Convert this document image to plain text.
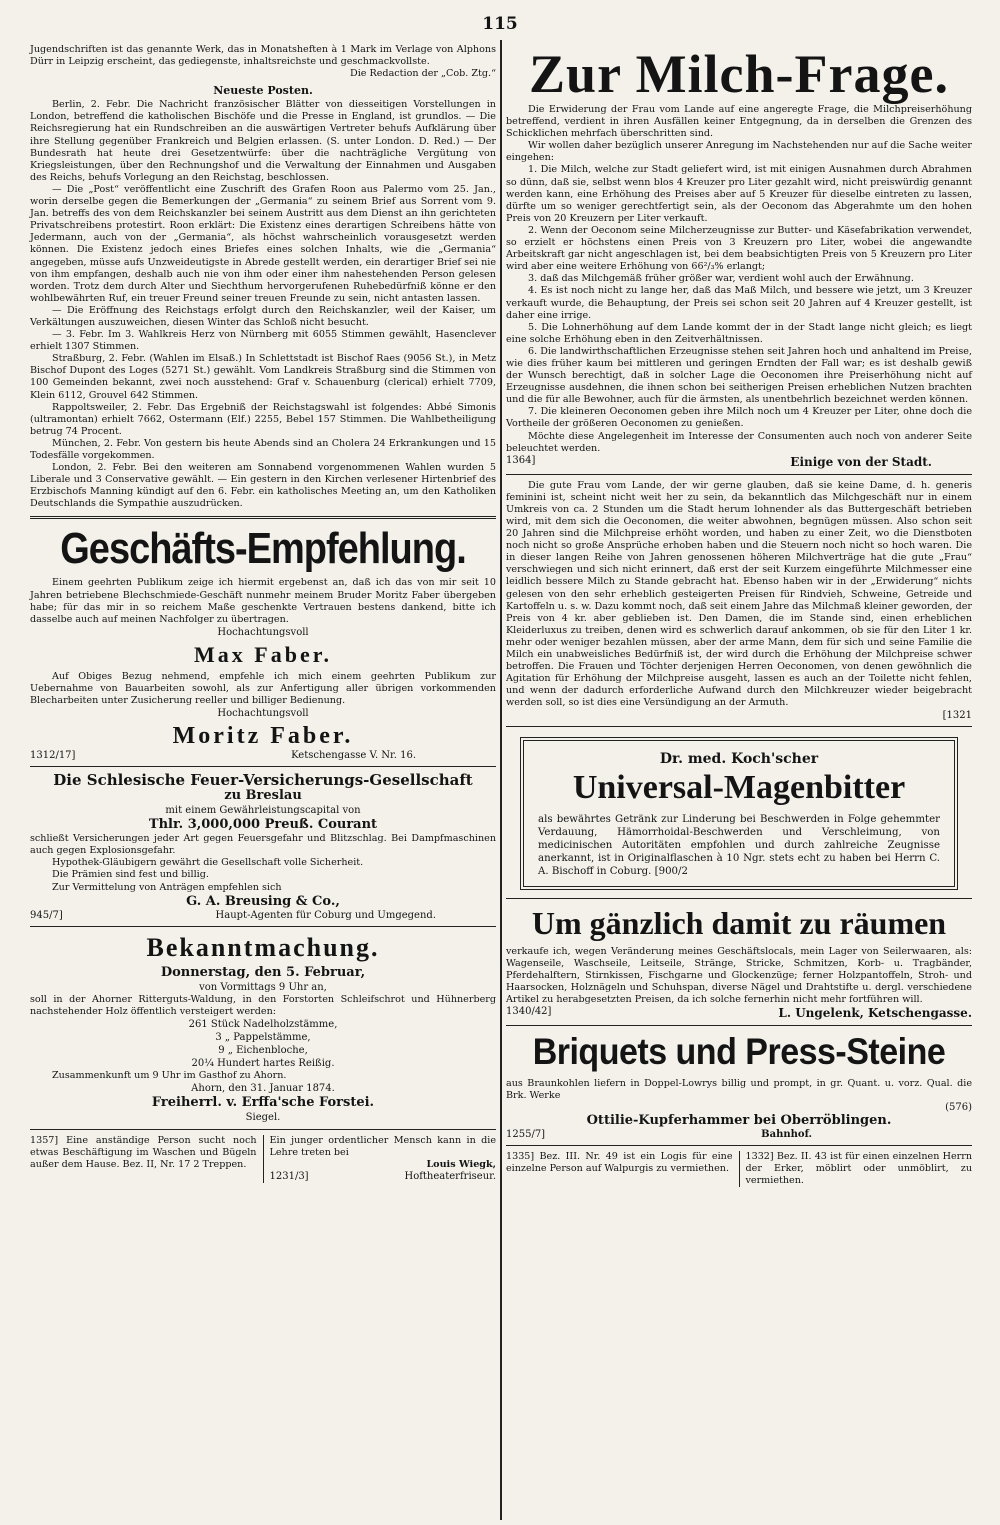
115

Jugendschriften ist das genannte Werk, das in Monatsheften à 1 Mark im Verlage von Alphons Dürr in Leipzig erscheint, das gediegenste, inhaltsreichste und geschmackvollste.

Die Redaction der „Cob. Ztg.“

Neueste Posten.

Berlin, 2. Febr. Die Nachricht französischer Blätter von diesseitigen Vorstellungen in London, betreffend die katholischen Bischöfe und die Presse in England, ist grundlos. — Die Reichsregierung hat ein Rundschreiben an die auswärtigen Vertreter behufs Aufklärung über ihre Stellung gegenüber Frankreich und Belgien erlassen. (S. unter London. D. Red.) — Der Bundesrath hat heute drei Gesetzentwürfe: über die nachträgliche Vergütung von Kriegsleistungen, über den Rechnungshof und die Verwaltung der Einnahmen und Ausgaben des Reichs, behufs Vorlegung an den Reichstag, beschlossen.

— Die „Post“ veröffentlicht eine Zuschrift des Grafen Roon aus Palermo vom 25. Jan., worin derselbe gegen die Bemerkungen der „Germania“ zu seinem Brief aus Sorrent vom 9. Jan. betreffs des von dem Reichskanzler bei seinem Austritt aus dem Dienst an ihn gerichteten Privatschreibens protestirt. Roon erklärt: Die Existenz eines derartigen Schreibens hätte von Jedermann, auch von der „Germania“, als höchst wahrscheinlich vorausgesetzt werden können. Die Existenz jedoch eines Briefes eines solchen Inhalts, wie die „Germania“ angegeben, müsse aufs Unzweideutigste in Abrede gestellt werden, ein derartiger Brief sei nie von ihm empfangen, deshalb auch nie von ihm oder einer ihm nahestehenden Person gelesen worden. Trotz dem durch Alter und Siechthum hervorgerufenen Ruhebedürfniß könne er den wohlbewährten Ruf, ein treuer Freund seiner treuen Freunde zu sein, nicht antasten lassen.

— Die Eröffnung des Reichstags erfolgt durch den Reichskanzler, weil der Kaiser, um Verkältungen auszuweichen, diesen Winter das Schloß nicht besucht.

— 3. Febr. Im 3. Wahlkreis Herz von Nürnberg mit 6055 Stimmen gewählt, Hasenclever erhielt 1307 Stimmen.

Straßburg, 2. Febr. (Wahlen im Elsaß.) In Schlettstadt ist Bischof Raes (9056 St.), in Metz Bischof Dupont des Loges (5271 St.) gewählt. Vom Landkreis Straßburg sind die Stimmen von 100 Gemeinden bekannt, zwei noch ausstehend: Graf v. Schauenburg (clerical) erhielt 7709, Klein 6112, Grouvel 642 Stimmen.

Rappoltsweiler, 2. Febr. Das Ergebniß der Reichstagswahl ist folgendes: Abbé Simonis (ultramontan) erhielt 7662, Ostermann (Elf.) 2255, Bebel 157 Stimmen. Die Wahlbetheiligung betrug 74 Procent.

München, 2. Febr. Von gestern bis heute Abends sind an Cholera 24 Erkrankungen und 15 Todesfälle vorgekommen.

London, 2. Febr. Bei den weiteren am Sonnabend vorgenommenen Wahlen wurden 5 Liberale und 3 Conservative gewählt. — Ein gestern in den Kirchen verlesener Hirtenbrief des Erzbischofs Manning kündigt auf den 6. Febr. ein katholisches Meeting an, um den Katholiken Deutschlands die Sympathie auszudrücken.

Geschäfts-Empfehlung.

Einem geehrten Publikum zeige ich hiermit ergebenst an, daß ich das von mir seit 10 Jahren betriebene Blechschmiede-Geschäft nunmehr meinem Bruder Moritz Faber übergeben habe; für das mir in so reichem Maße geschenkte Vertrauen bestens dankend, bitte ich dasselbe auch auf meinen Nachfolger zu übertragen.

Hochachtungsvoll
Max Faber.

Auf Obiges Bezug nehmend, empfehle ich mich einem geehrten Publikum zur Uebernahme von Bauarbeiten sowohl, als zur Anfertigung aller übrigen vorkommenden Blecharbeiten unter Zusicherung reeller und billiger Bedienung.

Hochachtungsvoll
Moritz Faber.
1312/17]	Ketschengasse V. Nr. 16.
Die Schlesische Feuer-Versicherungs-Gesellschaft
zu Breslau
mit einem Gewährleistungscapital von
Thlr. 3,000,000 Preuß. Courant

schließt Versicherungen jeder Art gegen Feuersgefahr und Blitzschlag. Bei Dampfmaschinen auch gegen Explosionsgefahr.

Hypothek-Gläubigern gewährt die Gesellschaft volle Sicherheit.

Die Prämien sind fest und billig.

Zur Vermittelung von Anträgen empfehlen sich

G. A. Breusing & Co.,
945/7]	Haupt-Agenten für Coburg und Umgegend.
Bekanntmachung.
Donnerstag, den 5. Februar,
von Vormittags 9 Uhr an,

soll in der Ahorner Ritterguts-Waldung, in den Forstorten Schleifschrot und Hühnerberg nachstehender Holz öffentlich versteigert werden:

261 Stück Nadelholzstämme,
3 „ Pappelstämme,
9 „ Eichenbloche,
20¼ Hundert hartes Reißig.

Zusammenkunft um 9 Uhr im Gasthof zu Ahorn.

Ahorn, den 31. Januar 1874.
Freiherrl. v. Erffa'sche Forstei.
Siegel.

1357] Eine anständige Person sucht noch etwas Beschäftigung im Waschen und Bügeln außer dem Hause. Bez. II, Nr. 17 2 Treppen.

Ein junger ordentlicher Mensch kann in die Lehre treten bei

Louis Wiegk,
1231/3]	Hoftheaterfriseur.
Zur Milch-Frage.

Die Erwiderung der Frau vom Lande auf eine angeregte Frage, die Milchpreiserhöhung betreffend, verdient in ihren Ausfällen keiner Entgegnung, da in derselben die Grenzen des Schicklichen mehrfach überschritten sind.

Wir wollen daher bezüglich unserer Anregung im Nachstehenden nur auf die Sache weiter eingehen:

1. Die Milch, welche zur Stadt geliefert wird, ist mit einigen Ausnahmen durch Abrahmen so dünn, daß sie, selbst wenn blos 4 Kreuzer pro Liter gezahlt wird, nicht preiswürdig genannt werden kann, eine Erhöhung des Preises aber auf 5 Kreuzer für dieselbe eintreten zu lassen, dürfte um so weniger gerechtfertigt sein, als der Oeconom das Abgerahmte um den hohen Preis von 20 Kreuzern per Liter verkauft.

2. Wenn der Oeconom seine Milcherzeugnisse zur Butter- und Käsefabrikation verwendet, so erzielt er höchstens einen Preis von 3 Kreuzern pro Liter, wobei die angewandte Arbeitskraft gar nicht angeschlagen ist, bei dem beabsichtigten Preis von 5 Kreuzern pro Liter wird aber eine weitere Erhöhung von 66²/₃% erlangt;

3. daß das Milchgemäß früher größer war, verdient wohl auch der Erwähnung.

4. Es ist noch nicht zu lange her, daß das Maß Milch, und bessere wie jetzt, um 3 Kreuzer verkauft wurde, die Behauptung, der Preis sei schon seit 20 Jahren auf 4 Kreuzer gestellt, ist daher eine irrige.

5. Die Lohnerhöhung auf dem Lande kommt der in der Stadt lange nicht gleich; es liegt eine solche Erhöhung eben in den Zeitverhältnissen.

6. Die landwirthschaftlichen Erzeugnisse stehen seit Jahren hoch und anhaltend im Preise, wie dies früher kaum bei mittleren und geringen Erndten der Fall war; es ist deshalb gewiß der Wunsch berechtigt, daß in solcher Lage die Oeconomen ihre Preiserhöhung nicht auf Erzeugnisse ausdehnen, die ihnen schon bei seitherigen Preisen erheblichen Nutzen brachten und die für alle Bewohner, auch für die ärmsten, als unentbehrlich bezeichnet werden können.

7. Die kleineren Oeconomen geben ihre Milch noch um 4 Kreuzer per Liter, ohne doch die Vortheile der größeren Oeconomen zu genießen.

Möchte diese Angelegenheit im Interesse der Consumenten auch noch von anderer Seite beleuchtet werden.

1364]	Einige von der Stadt.

Die gute Frau vom Lande, der wir gerne glauben, daß sie keine Dame, d. h. generis feminini ist, scheint nicht weit her zu sein, da bekanntlich das Milchgeschäft nur in einem Umkreis von ca. 2 Stunden um die Stadt herum lohnender als das Buttergeschäft betrieben wird, mit dem sich die Oeconomen, die weiter abwohnen, begnügen müssen. Also schon seit 20 Jahren sind die Milchpreise erhöht worden, und haben zu einer Zeit, wo die Dienstboten noch nicht so große Ansprüche erhoben haben und die Steuern noch nicht so hoch waren. Die in dieser langen Reihe von Jahren genossenen höheren Milchverträge hat die gute „Frau“ verschwiegen und sich nicht erinnert, daß erst der seit Kurzem eingeführte Milchmesser eine leidlich bessere Milch zu Stande gebracht hat. Ebenso haben wir in der „Erwiderung“ nichts gelesen von den sehr erheblich gesteigerten Preisen für Rindvieh, Schweine, Getreide und Kartoffeln u. s. w. Dazu kommt noch, daß seit einem Jahre das Milchmaß kleiner geworden, der Preis von 4 kr. aber geblieben ist. Den Damen, die im Stande sind, einen erheblichen Kleiderluxus zu treiben, denen wird es schwerlich darauf ankommen, ob sie für den Liter 1 kr. mehr oder weniger bezahlen müssen, aber der arme Mann, dem für sich und seine Familie die Milch ein unabweisliches Bedürfniß ist, der wird durch die Erhöhung der Milchpreise schwer betroffen. Die Frauen und Töchter derjenigen Herren Oeconomen, von denen gewöhnlich die Agitation für Erhöhung der Milchpreise ausgeht, lassen es auch an der Toilette nicht fehlen, und wenn der dadurch erforderliche Aufwand durch den Milchkreuzer wieder beigebracht werden soll, so ist dies eine Versündigung an der Armuth.

[1321
Dr. med. Koch'scher
Universal-Magenbitter

als bewährtes Getränk zur Linderung bei Beschwerden in Folge gehemmter Verdauung, Hämorrhoidal-Beschwerden und Verschleimung, von medicinischen Autoritäten empfohlen und durch zahlreiche Zeugnisse anerkannt, ist in Originalflaschen à 10 Ngr. stets echt zu haben bei Herrn C. A. Bischoff in Coburg. [900/2

Um gänzlich damit zu räumen

verkaufe ich, wegen Veränderung meines Geschäftslocals, mein Lager von Seilerwaaren, als: Wagenseile, Waschseile, Leitseile, Stränge, Stricke, Schmitzen, Korb- u. Tragbänder, Pferdehalftern, Stirnkissen, Fischgarne und Glockenzüge; ferner Holzpantoffeln, Stroh- und Haarsocken, Holznägeln und Schuhspan, diverse Nägel und Drahtstifte u. dergl. verschiedene Artikel zu herabgesetzten Preisen, da ich solche fernerhin nicht mehr fortführen will.

1340/42]	L. Ungelenk, Ketschengasse.
Briquets und Press-Steine

aus Braunkohlen liefern in Doppel-Lowrys billig und prompt, in gr. Quant. u. vorz. Qual. die Brk. Werke

(576)
Ottilie-Kupferhammer bei Oberröblingen.
1255/7]	Bahnhof.

1335] Bez. III. Nr. 49 ist ein Logis für eine einzelne Person auf Walpurgis zu vermiethen.

1332] Bez. II. 43 ist für einen einzelnen Herrn der Erker, möblirt oder unmöblirt, zu vermiethen.
